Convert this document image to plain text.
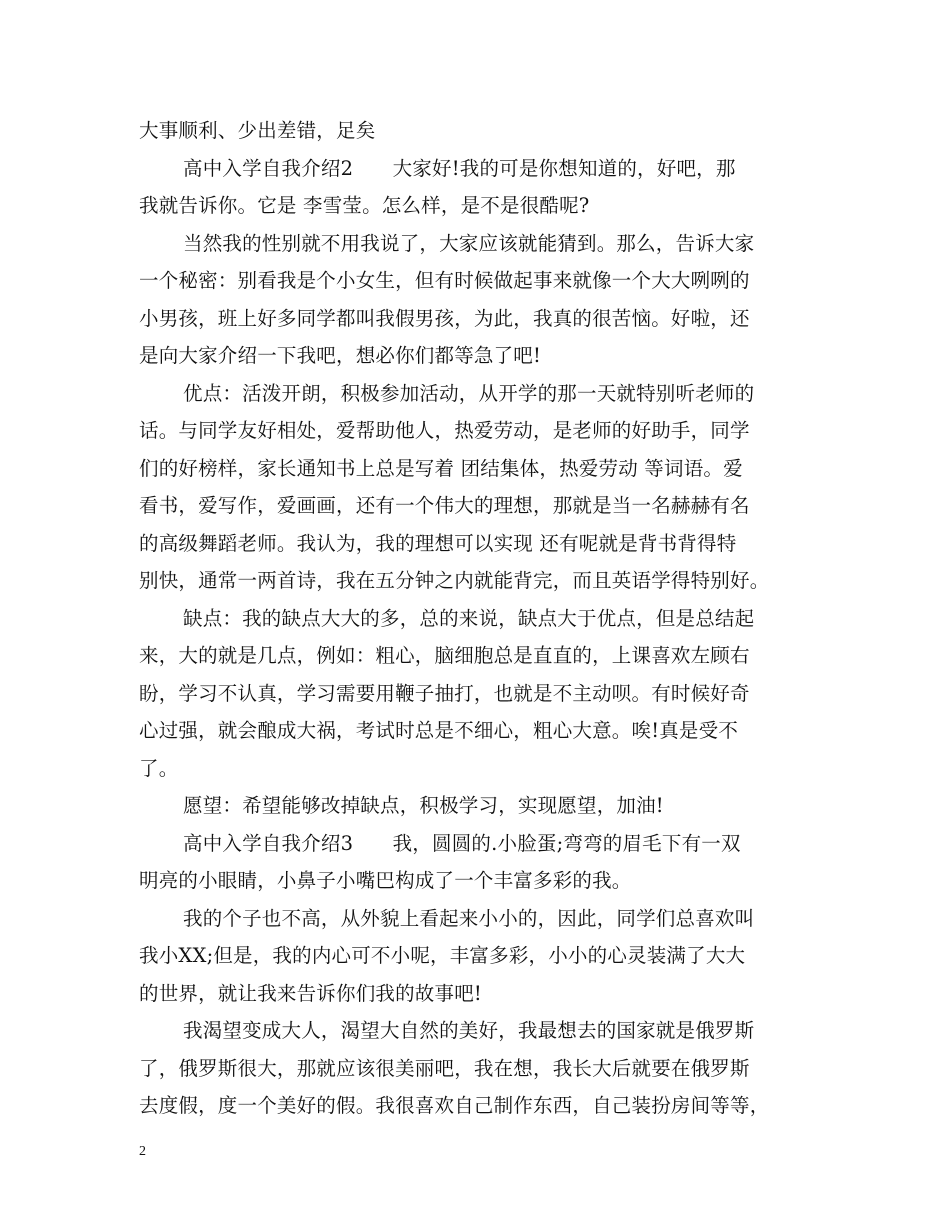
大事顺利、少出差错，足矣
高中入学自我介绍2　　大家好!我的可是你想知道的，好吧，那
我就告诉你。它是 李雪莹。怎么样，是不是很酷呢?
当然我的性别就不用我说了，大家应该就能猜到。那么，告诉大家
一个秘密：别看我是个小女生，但有时候做起事来就像一个大大咧咧的
小男孩，班上好多同学都叫我假男孩，为此，我真的很苦恼。好啦，还
是向大家介绍一下我吧，想必你们都等急了吧!
优点：活泼开朗，积极参加活动，从开学的那一天就特别听老师的
话。与同学友好相处，爱帮助他人，热爱劳动，是老师的好助手，同学
们的好榜样，家长通知书上总是写着 团结集体，热爱劳动 等词语。爱
看书，爱写作，爱画画，还有一个伟大的理想，那就是当一名赫赫有名
的高级舞蹈老师。我认为，我的理想可以实现 还有呢就是背书背得特
别快，通常一两首诗，我在五分钟之内就能背完，而且英语学得特别好。
缺点：我的缺点大大的多，总的来说，缺点大于优点，但是总结起
来，大的就是几点，例如：粗心，脑细胞总是直直的，上课喜欢左顾右
盼，学习不认真，学习需要用鞭子抽打，也就是不主动呗。有时候好奇
心过强，就会酿成大祸，考试时总是不细心，粗心大意。唉!真是受不
了。
愿望：希望能够改掉缺点，积极学习，实现愿望，加油!
高中入学自我介绍3　　我，圆圆的.小脸蛋;弯弯的眉毛下有一双
明亮的小眼睛，小鼻子小嘴巴构成了一个丰富多彩的我。
我的个子也不高，从外貌上看起来小小的，因此，同学们总喜欢叫
我小XX;但是，我的内心可不小呢，丰富多彩，小小的心灵装满了大大
的世界，就让我来告诉你们我的故事吧!
我渴望变成大人，渴望大自然的美好，我最想去的国家就是俄罗斯
了，俄罗斯很大，那就应该很美丽吧，我在想，我长大后就要在俄罗斯
去度假，度一个美好的假。我很喜欢自己制作东西，自己装扮房间等等，
2
